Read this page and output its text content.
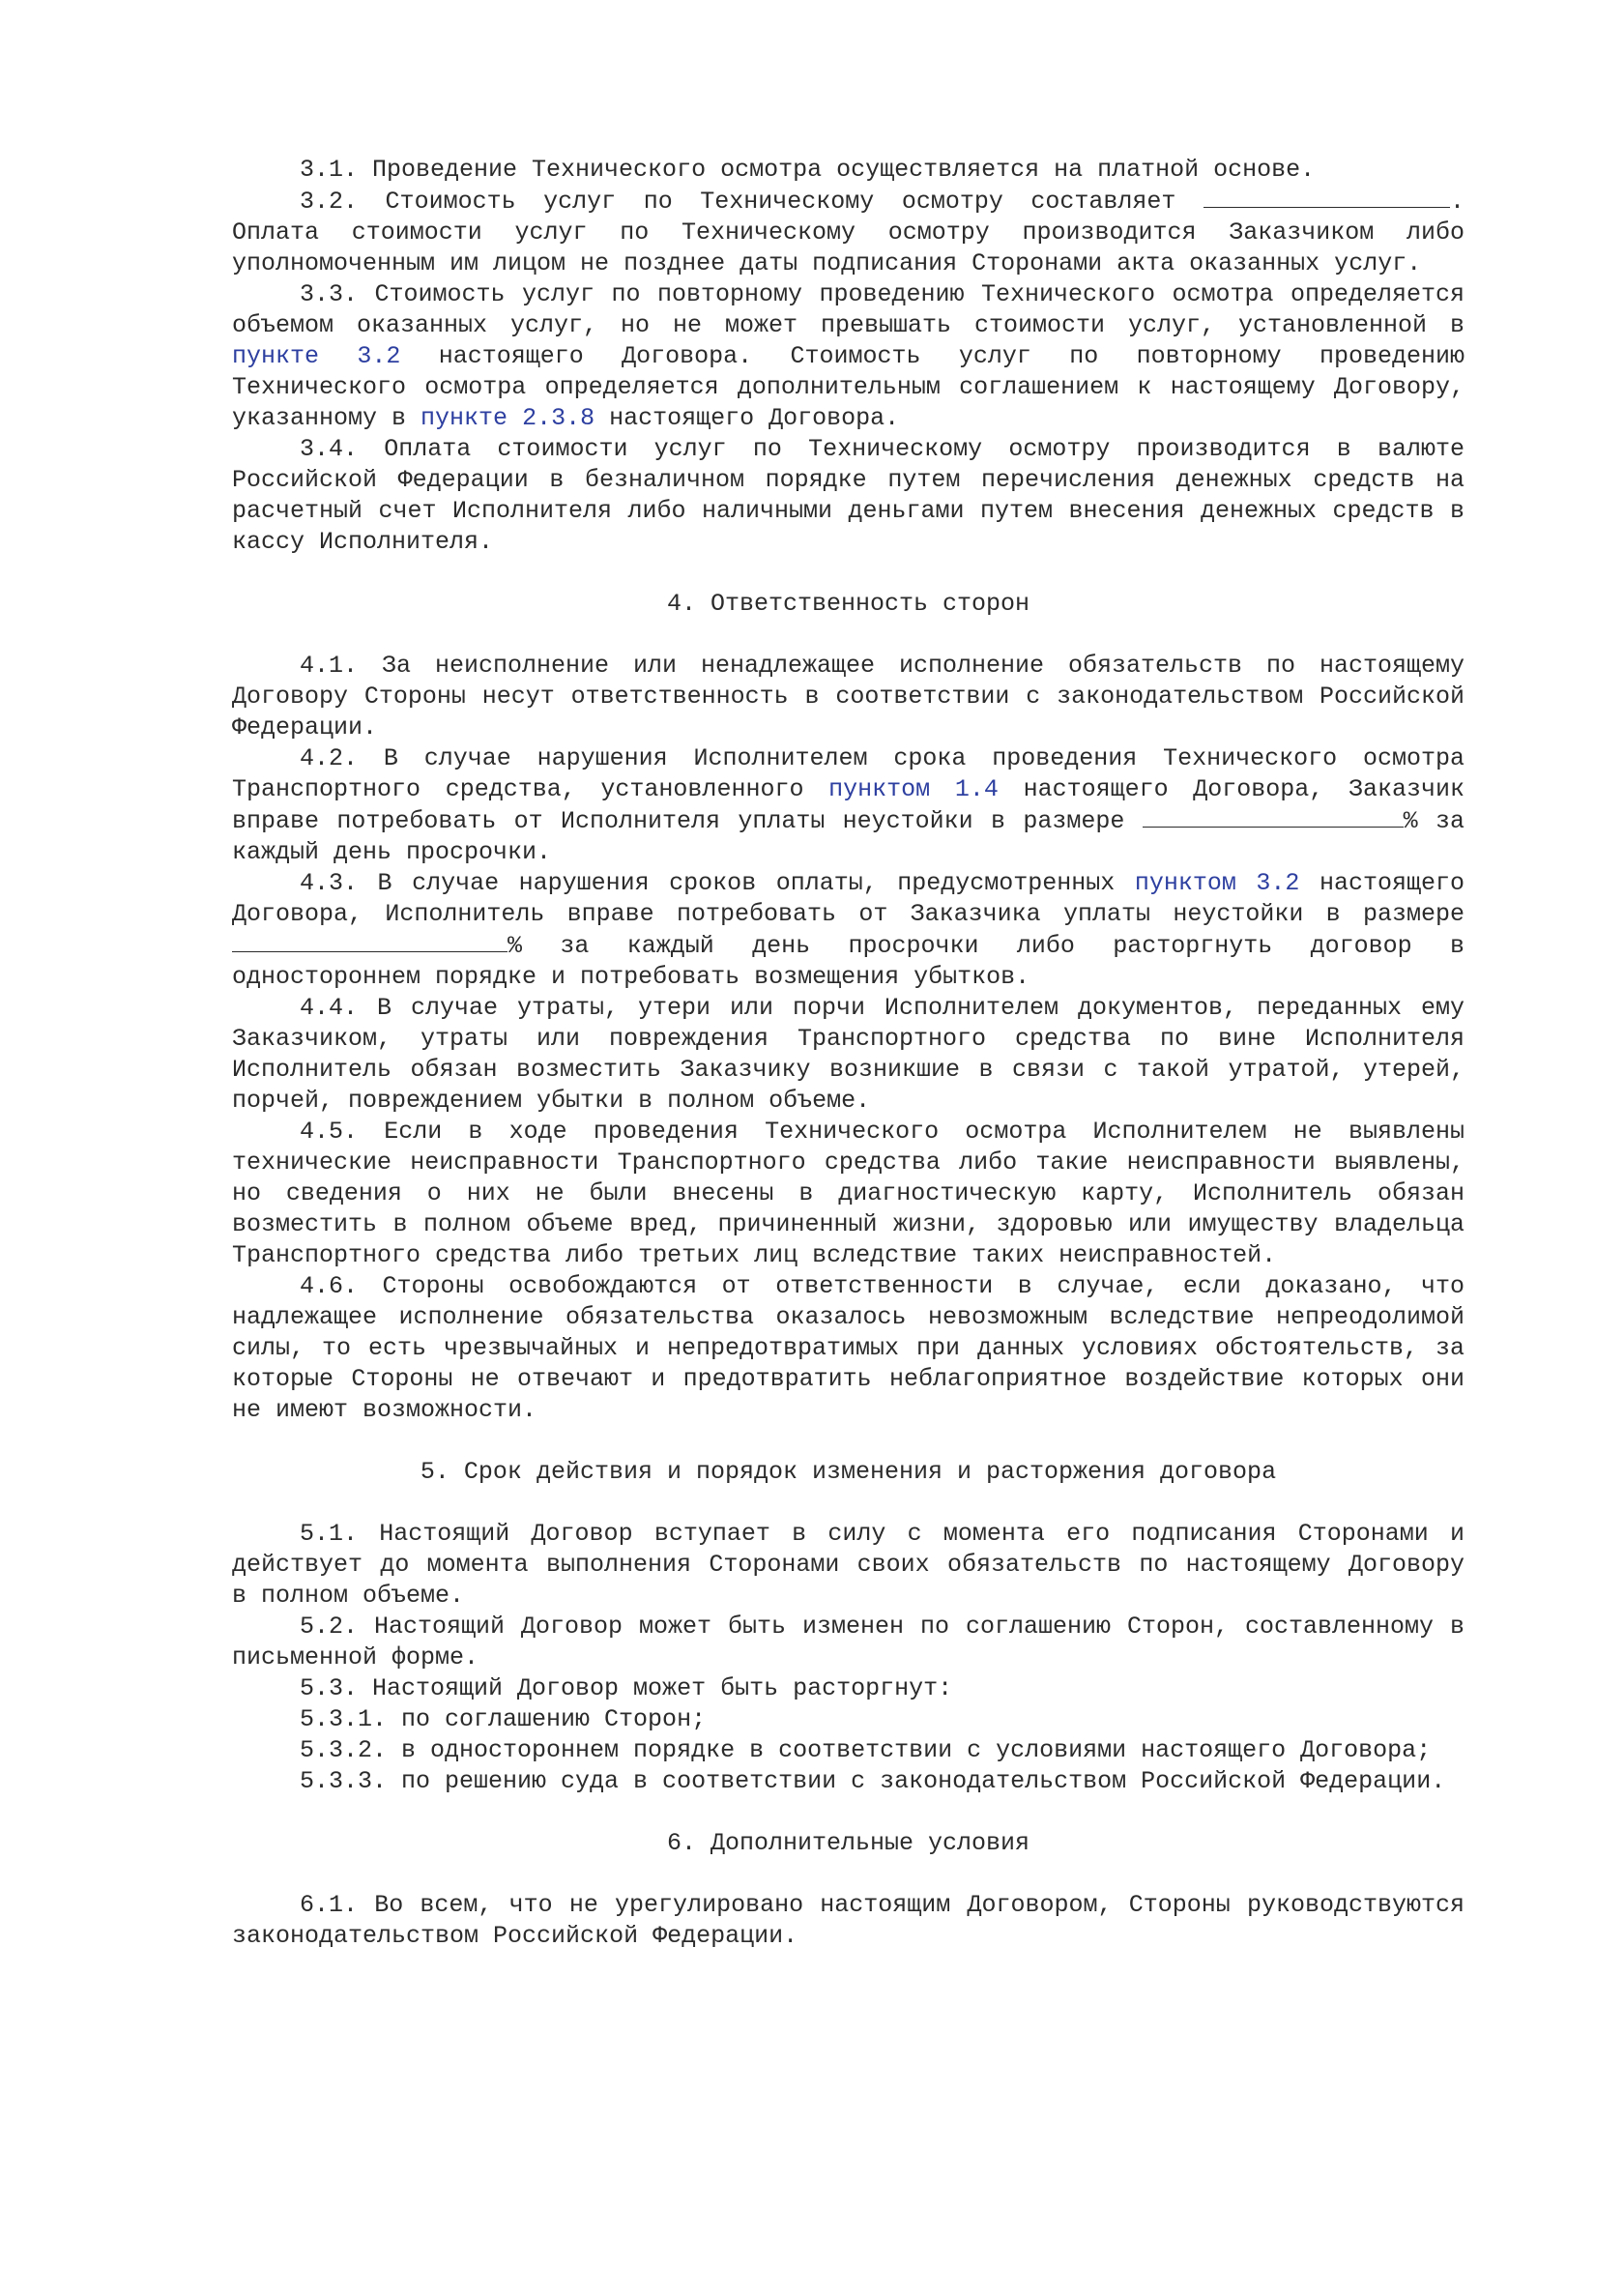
3.1. Проведение Технического осмотра осуществляется на платной основе.

3.2. Стоимость услуг по Техническому осмотру составляет	. Оплата стоимости услуг по Техническому осмотру производится Заказчиком либо уполномоченным им лицом не позднее даты подписания Сторонами акта оказанных услуг.

3.3. Стоимость услуг по повторному проведению Технического осмотра определяется объемом оказанных услуг, но не может превышать стоимости услуг, установленной в пункте 3.2 настоящего Договора. Стоимость услуг по повторному проведению Технического осмотра определяется дополнительным соглашением к настоящему Договору, указанному в пункте 2.3.8 настоящего Договора.

3.4. Оплата стоимости услуг по Техническому осмотру производится в валюте Российской Федерации в безналичном порядке путем перечисления денежных средств на расчетный счет Исполнителя либо наличными деньгами путем внесения денежных средств в кассу Исполнителя.

4. Ответственность сторон

4.1. За неисполнение или ненадлежащее исполнение обязательств по настоящему Договору Стороны несут ответственность в соответствии с законодательством Российской Федерации.

4.2. В случае нарушения Исполнителем срока проведения Технического осмотра Транспортного средства, установленного пунктом 1.4 настоящего Договора, Заказчик вправе потребовать от Исполнителя уплаты неустойки в размере	% за каждый день просрочки.

4.3. В случае нарушения сроков оплаты, предусмотренных пунктом 3.2 настоящего Договора, Исполнитель вправе потребовать от Заказчика уплаты неустойки в размере % за каждый день просрочки либо расторгнуть договор в одностороннем порядке и потребовать возмещения убытков.

4.4. В случае утраты, утери или порчи Исполнителем документов, переданных ему Заказчиком, утраты или повреждения Транспортного средства по вине Исполнителя Исполнитель обязан возместить Заказчику возникшие в связи с такой утратой, утерей, порчей, повреждением убытки в полном объеме.

4.5. Если в ходе проведения Технического осмотра Исполнителем не выявлены технические неисправности Транспортного средства либо такие неисправности выявлены, но сведения о них не были внесены в диагностическую карту, Исполнитель обязан возместить в полном объеме вред, причиненный жизни, здоровью или имуществу владельца Транспортного средства либо третьих лиц вследствие таких неисправностей.

4.6. Стороны освобождаются от ответственности в случае, если доказано, что надлежащее исполнение обязательства оказалось невозможным вследствие непреодолимой силы, то есть чрезвычайных и непредотвратимых при данных условиях обстоятельств, за которые Стороны не отвечают и предотвратить неблагоприятное воздействие которых они не имеют возможности.

5. Срок действия и порядок изменения и расторжения договора

5.1. Настоящий Договор вступает в силу с момента его подписания Сторонами и действует до момента выполнения Сторонами своих обязательств по настоящему Договору в полном объеме.

5.2. Настоящий Договор может быть изменен по соглашению Сторон, составленному в письменной форме.

5.3. Настоящий Договор может быть расторгнут:

5.3.1. по соглашению Сторон;

5.3.2. в одностороннем порядке в соответствии с условиями настоящего Договора;

5.3.3. по решению суда в соответствии с законодательством Российской Федерации.

6. Дополнительные условия

6.1. Во всем, что не урегулировано настоящим Договором, Стороны руководствуются законодательством Российской Федерации.
